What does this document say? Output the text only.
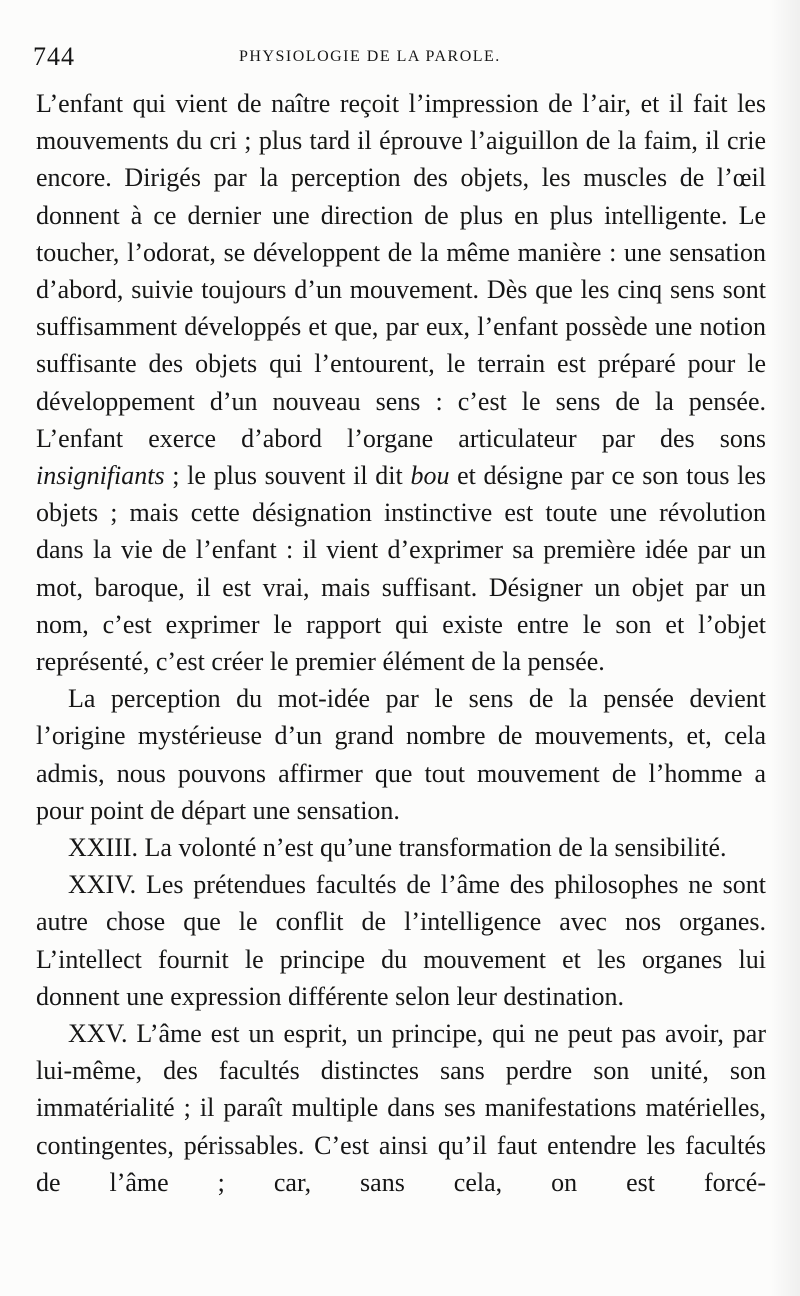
744	PHYSIOLOGIE DE LA PAROLE.

L’enfant qui vient de naître reçoit l’impression de l’air, et il fait les mouvements du cri ; plus tard il éprouve l’aiguillon de la faim, il crie encore. Dirigés par la perception des objets, les muscles de l’œil donnent à ce dernier une direction de plus en plus intelligente. Le toucher, l’odorat, se développent de la même manière : une sensation d’abord, suivie toujours d’un mouvement. Dès que les cinq sens sont suffisamment développés et que, par eux, l’enfant possède une notion suffisante des objets qui l’entourent, le terrain est préparé pour le développement d’un nouveau sens : c’est le sens de la pensée. L’enfant exerce d’abord l’organe articulateur par des sons insignifiants ; le plus souvent il dit bou et désigne par ce son tous les objets ; mais cette désignation instinctive est toute une révolution dans la vie de l’enfant : il vient d’exprimer sa première idée par un mot, baroque, il est vrai, mais suffisant. Désigner un objet par un nom, c’est exprimer le rapport qui existe entre le son et l’objet représenté, c’est créer le premier élément de la pensée.

La perception du mot-idée par le sens de la pensée devient l’origine mystérieuse d’un grand nombre de mouvements, et, cela admis, nous pouvons affirmer que tout mouvement de l’homme a pour point de départ une sensation.

XXIII. La volonté n’est qu’une transformation de la sensibilité.

XXIV. Les prétendues facultés de l’âme des philosophes ne sont autre chose que le conflit de l’intelligence avec nos organes. L’intellect fournit le principe du mouvement et les organes lui donnent une expression différente selon leur destination.

XXV. L’âme est un esprit, un principe, qui ne peut pas avoir, par lui-même, des facultés distinctes sans perdre son unité, son immatérialité ; il paraît multiple dans ses manifestations matérielles, contingentes, périssables. C’est ainsi qu’il faut entendre les facultés de l’âme ; car, sans cela, on est forcé-
